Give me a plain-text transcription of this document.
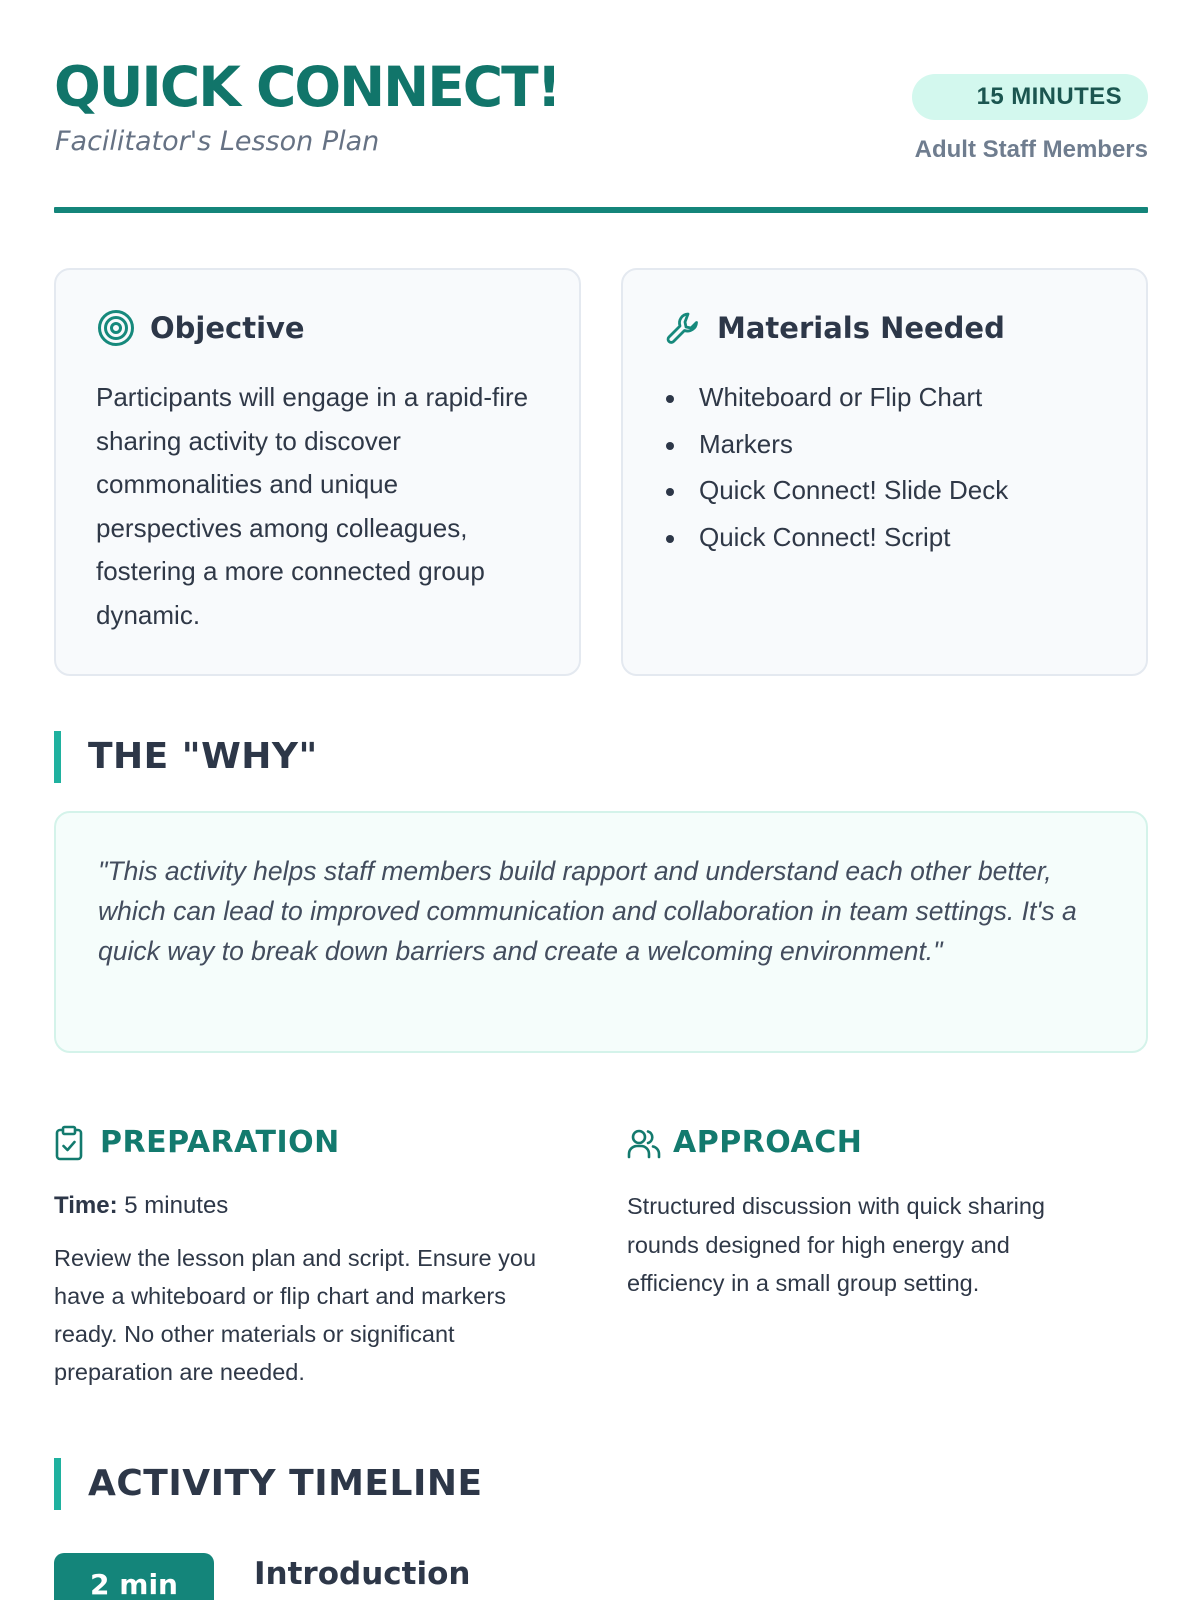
QUICK CONNECT!
Facilitator's Lesson Plan
15 MINUTES
Adult Staff Members
Objective

Participants will engage in a rapid-fire sharing activity to discover commonalities and unique perspectives among colleagues, fostering a more connected group dynamic.

Materials Needed
Whiteboard or Flip Chart
Markers
Quick Connect! Slide Deck
Quick Connect! Script
THE "WHY"

"This activity helps staff members build rapport and understand each other better, which can lead to improved communication and collaboration in team settings. It's a quick way to break down barriers and create a welcoming environment."

PREPARATION

Time: 5 minutes

Review the lesson plan and script. Ensure you have a whiteboard or flip chart and markers ready. No other materials or significant preparation are needed.

APPROACH

Structured discussion with quick sharing rounds designed for high energy and efficiency in a small group setting.

ACTIVITY TIMELINE
2 min	Introduction
